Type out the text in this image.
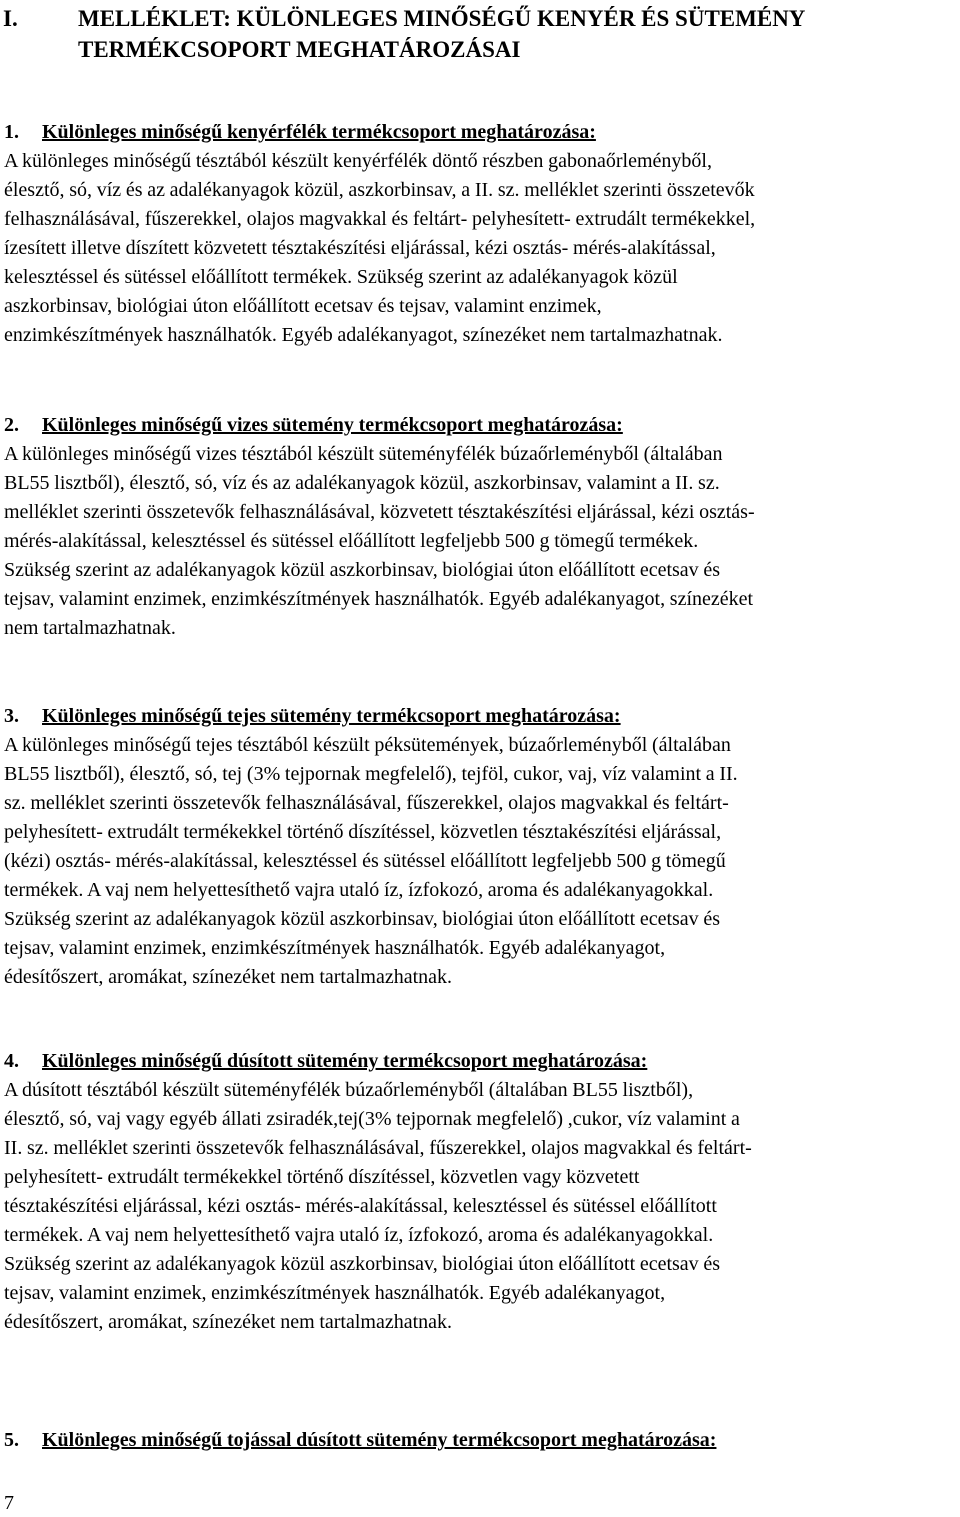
I.	MELLÉKLET: KÜLÖNLEGES MINŐSÉGŰ KENYÉR ÉS SÜTEMÉNY
TERMÉKCSOPORT MEGHATÁROZÁSAI
1. Különleges minőségű kenyérfélék termékcsoport meghatározása:

A különleges minőségű tésztából készült kenyérfélék döntő részben gabonaőrleményből,

élesztő, só, víz és az adalékanyagok közül, aszkorbinsav, a II. sz. melléklet szerinti összetevők

felhasználásával, fűszerekkel, olajos magvakkal és feltárt- pelyhesített- extrudált termékekkel,

ízesített illetve díszített közvetett tésztakészítési eljárással, kézi osztás- mérés-alakítással,

kelesztéssel és sütéssel előállított termékek. Szükség szerint az adalékanyagok közül

aszkorbinsav, biológiai úton előállított ecetsav és tejsav, valamint enzimek,

enzimkészítmények használhatók. Egyéb adalékanyagot, színezéket nem tartalmazhatnak.

2. Különleges minőségű vizes sütemény termékcsoport meghatározása:

A különleges minőségű vizes tésztából készült süteményfélék búzaőrleményből (általában

BL55 lisztből), élesztő, só, víz és az adalékanyagok közül, aszkorbinsav, valamint a II. sz.

melléklet szerinti összetevők felhasználásával, közvetett tésztakészítési eljárással, kézi osztás-

mérés-alakítással, kelesztéssel és sütéssel előállított legfeljebb 500 g tömegű termékek.

Szükség szerint az adalékanyagok közül aszkorbinsav, biológiai úton előállított ecetsav és

tejsav, valamint enzimek, enzimkészítmények használhatók. Egyéb adalékanyagot, színezéket

nem tartalmazhatnak.

3. Különleges minőségű tejes sütemény termékcsoport meghatározása:

A különleges minőségű tejes tésztából készült péksütemények, búzaőrleményből (általában

BL55 lisztből), élesztő, só, tej (3% tejpornak megfelelő), tejföl, cukor, vaj, víz valamint a II.

sz. melléklet szerinti összetevők felhasználásával, fűszerekkel, olajos magvakkal és feltárt-

pelyhesített- extrudált termékekkel történő díszítéssel, közvetlen tésztakészítési eljárással,

(kézi) osztás- mérés-alakítással, kelesztéssel és sütéssel előállított legfeljebb 500 g tömegű

termékek. A vaj nem helyettesíthető vajra utaló íz, ízfokozó, aroma és adalékanyagokkal.

Szükség szerint az adalékanyagok közül aszkorbinsav, biológiai úton előállított ecetsav és

tejsav, valamint enzimek, enzimkészítmények használhatók. Egyéb adalékanyagot,

édesítőszert, aromákat, színezéket nem tartalmazhatnak.

4. Különleges minőségű dúsított sütemény termékcsoport meghatározása:

A dúsított tésztából készült süteményfélék búzaőrleményből (általában BL55 lisztből),

élesztő, só, vaj vagy egyéb állati zsiradék,tej(3% tejpornak megfelelő) ,cukor, víz valamint a

II. sz. melléklet szerinti összetevők felhasználásával, fűszerekkel, olajos magvakkal és feltárt-

pelyhesített- extrudált termékekkel történő díszítéssel, közvetlen vagy közvetett

tésztakészítési eljárással, kézi osztás- mérés-alakítással, kelesztéssel és sütéssel előállított

termékek. A vaj nem helyettesíthető vajra utaló íz, ízfokozó, aroma és adalékanyagokkal.

Szükség szerint az adalékanyagok közül aszkorbinsav, biológiai úton előállított ecetsav és

tejsav, valamint enzimek, enzimkészítmények használhatók. Egyéb adalékanyagot,

édesítőszert, aromákat, színezéket nem tartalmazhatnak.

5. Különleges minőségű tojással dúsított sütemény termékcsoport meghatározása:
7
